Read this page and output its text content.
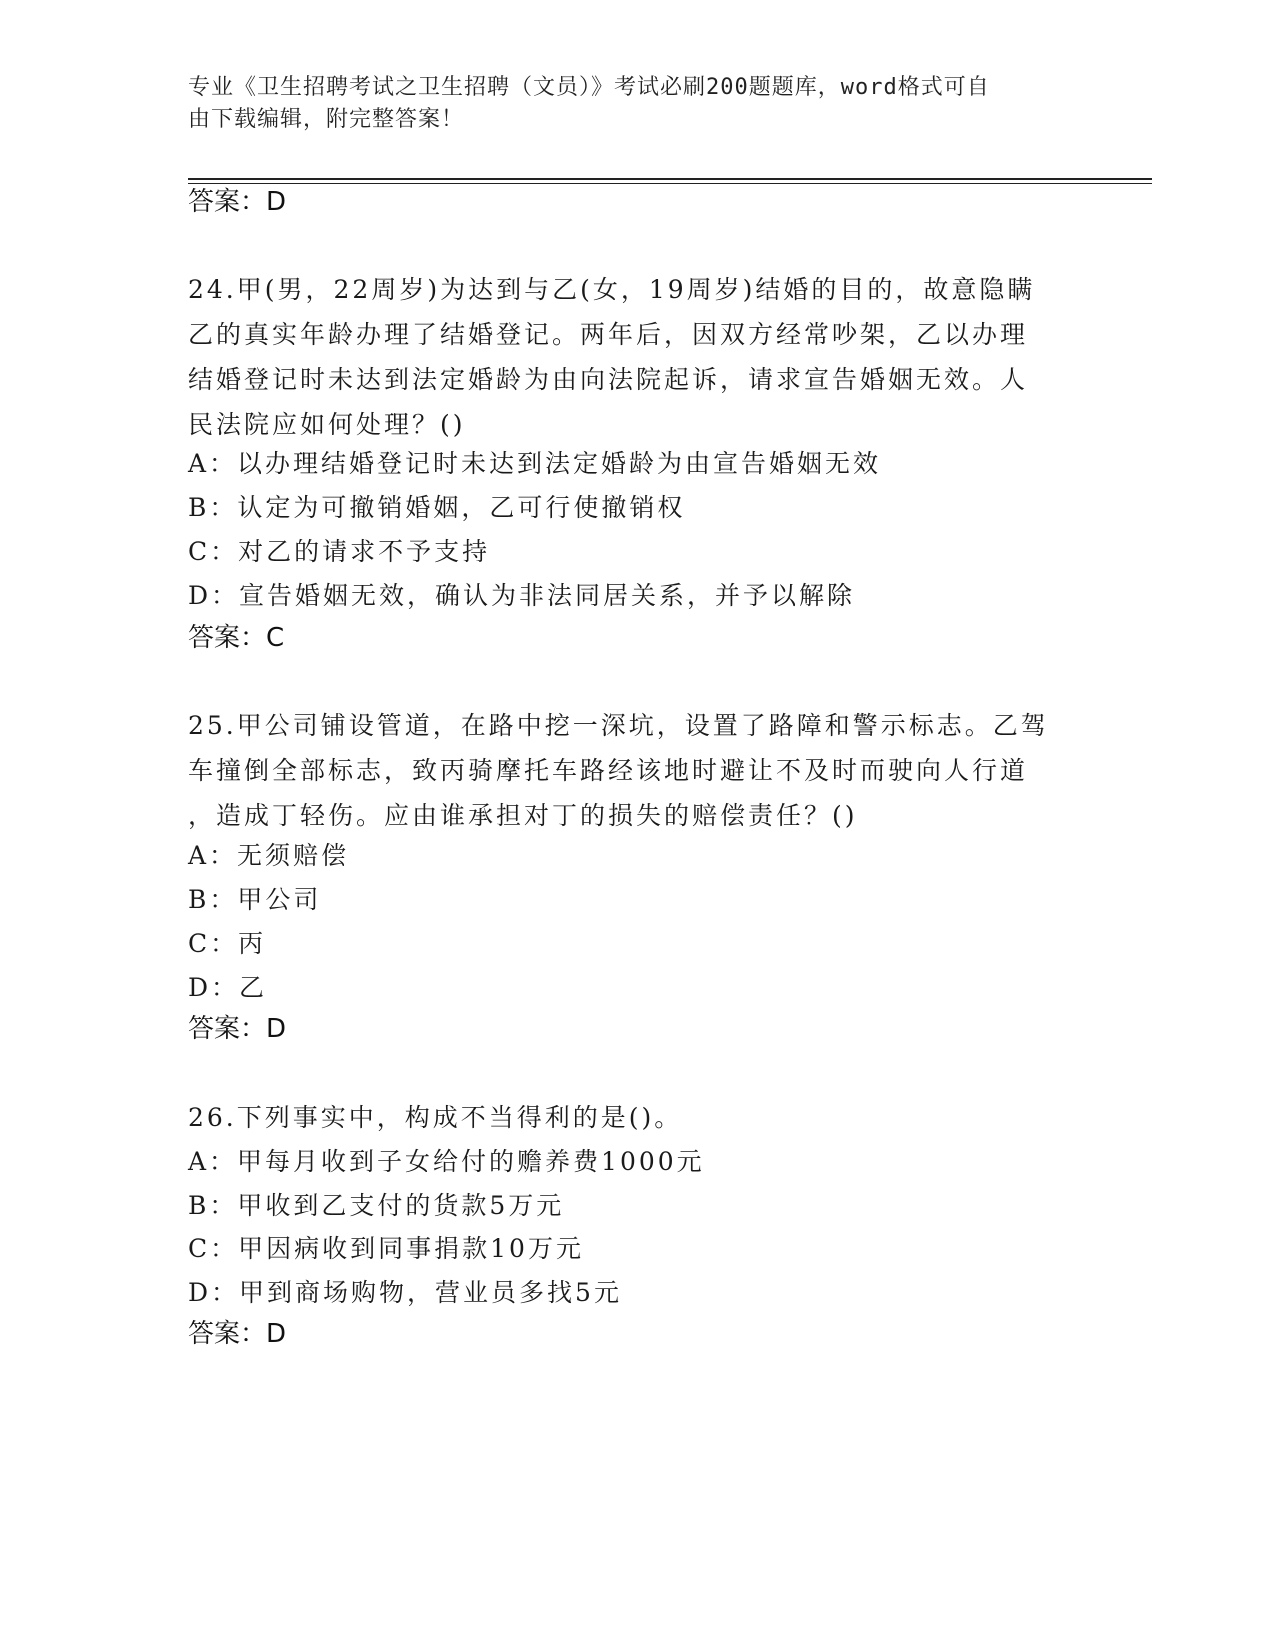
专业《卫生招聘考试之卫生招聘（文员）》考试必刷200题题库，word格式可自
由下载编辑，附完整答案！
答案：D
24.甲(男，22周岁)为达到与乙(女，19周岁)结婚的目的，故意隐瞒
乙的真实年龄办理了结婚登记。两年后，因双方经常吵架，乙以办理
结婚登记时未达到法定婚龄为由向法院起诉，请求宣告婚姻无效。人
民法院应如何处理？()
A：以办理结婚登记时未达到法定婚龄为由宣告婚姻无效
B：认定为可撤销婚姻，乙可行使撤销权
C：对乙的请求不予支持
D：宣告婚姻无效，确认为非法同居关系，并予以解除
答案：C
25.甲公司铺设管道，在路中挖一深坑，设置了路障和警示标志。乙驾
车撞倒全部标志，致丙骑摩托车路经该地时避让不及时而驶向人行道
，造成丁轻伤。应由谁承担对丁的损失的赔偿责任？()
A：无须赔偿
B：甲公司
C：丙
D：乙
答案：D
26.下列事实中，构成不当得利的是()。
A：甲每月收到子女给付的赡养费1000元
B：甲收到乙支付的货款5万元
C：甲因病收到同事捐款10万元
D：甲到商场购物，营业员多找5元
答案：D
